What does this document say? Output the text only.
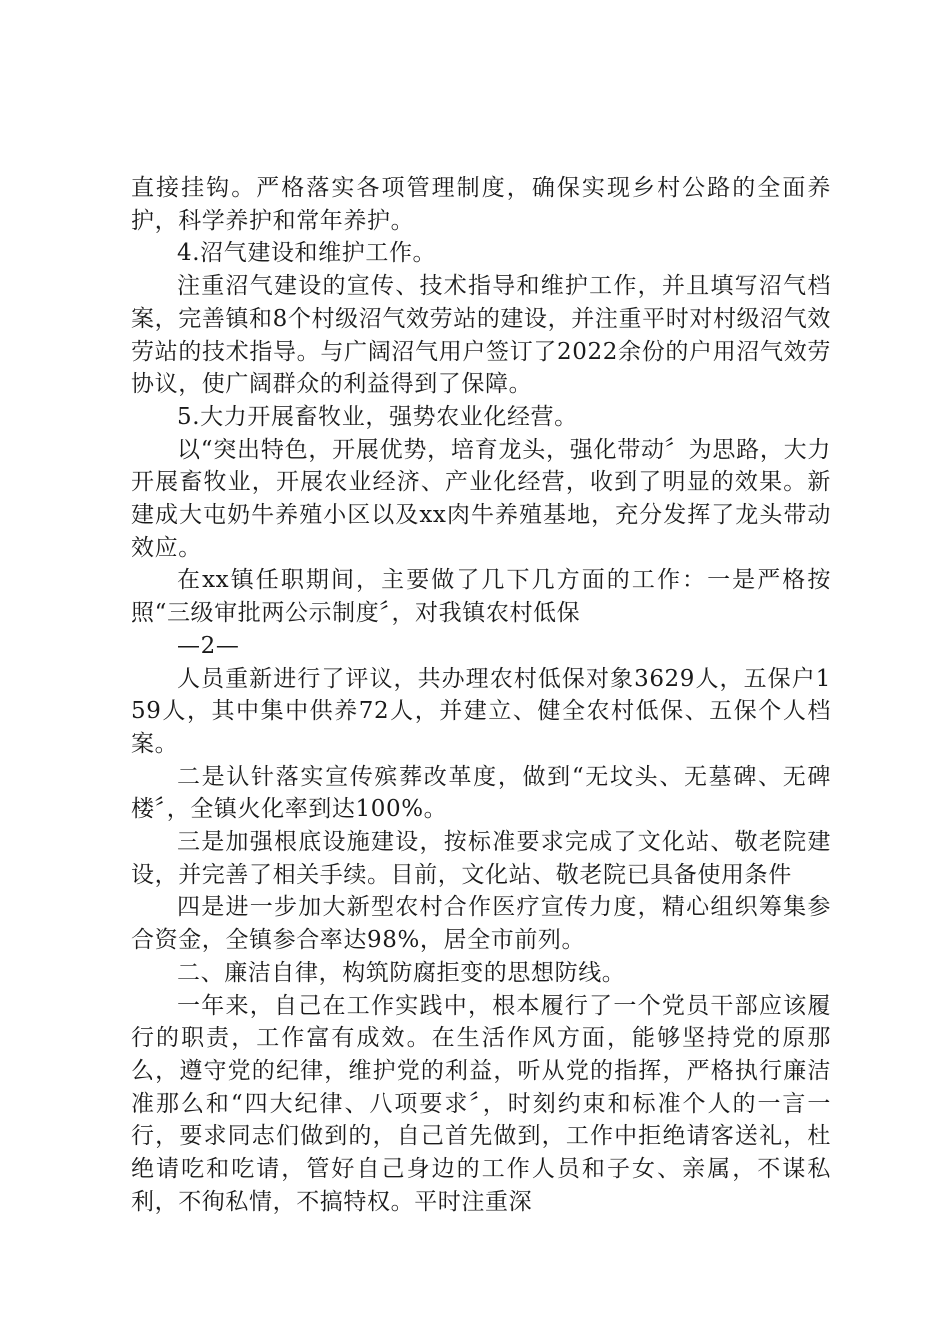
直接挂钩。严格落实各项管理制度，确保实现乡村公路的全面养护，科学养护和常年养护。

4.沼气建设和维护工作。

注重沼气建设的宣传、技术指导和维护工作，并且填写沼气档案，完善镇和8个村级沼气效劳站的建设，并注重平时对村级沼气效劳站的技术指导。与广阔沼气用户签订了2022余份的户用沼气效劳协议，使广阔群众的利益得到了保障。

5.大力开展畜牧业，强势农业化经营。

以“突出特色，开展优势，培育龙头，强化带动〞为思路，大力开展畜牧业，开展农业经济、产业化经营，收到了明显的效果。新建成大屯奶牛养殖小区以及xx肉牛养殖基地，充分发挥了龙头带动效应。

在xx镇任职期间，主要做了几下几方面的工作：一是严格按照“三级审批两公示制度〞，对我镇农村低保

—2—

人员重新进行了评议，共办理农村低保对象3629人，五保户159人，其中集中供养72人，并建立、健全农村低保、五保个人档案。

二是认针落实宣传殡葬改革度，做到“无坟头、无墓碑、无碑楼〞，全镇火化率到达100%。

三是加强根底设施建设，按标准要求完成了文化站、敬老院建设，并完善了相关手续。目前，文化站、敬老院已具备使用条件

四是进一步加大新型农村合作医疗宣传力度，精心组织筹集参合资金，全镇参合率达98%，居全市前列。

二、廉洁自律，构筑防腐拒变的思想防线。

一年来，自己在工作实践中，根本履行了一个党员干部应该履行的职责，工作富有成效。在生活作风方面，能够坚持党的原那么，遵守党的纪律，维护党的利益，听从党的指挥，严格执行廉洁准那么和“四大纪律、八项要求〞，时刻约束和标准个人的一言一行，要求同志们做到的，自己首先做到，工作中拒绝请客送礼，杜绝请吃和吃请，管好自己身边的工作人员和子女、亲属，不谋私利，不徇私情，不搞特权。平时注重深
